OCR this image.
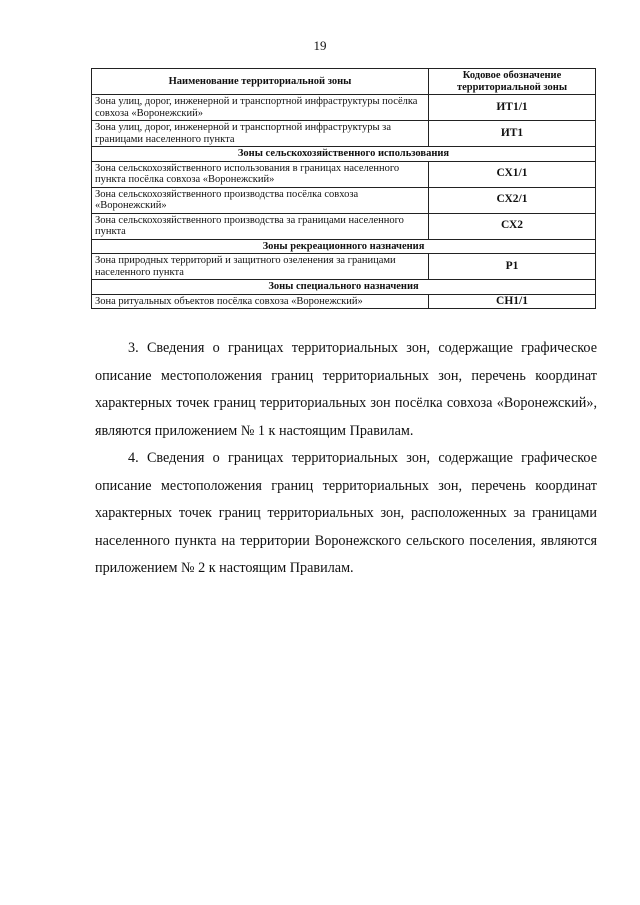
19
Наименование территориальной зоны	Кодовое обозначение территориальной зоны
Зона улиц, дорог, инженерной и транспортной инфраструктуры посёлка совхоза «Воронежский»	ИТ1/1
Зона улиц, дорог, инженерной и транспортной инфраструктуры за границами населенного пункта	ИТ1
Зоны сельскохозяйственного использования	
Зона сельскохозяйственного использования в границах населенного пункта посёлка совхоза «Воронежский»	СХ1/1
Зона сельскохозяйственного производства посёлка совхоза «Воронежский»	СХ2/1
Зона сельскохозяйственного производства за границами населенного пункта	СХ2
Зоны рекреационного назначения	
Зона природных территорий и защитного озеленения за границами населенного пункта	Р1
Зоны специального назначения	
Зона ритуальных объектов посёлка совхоза «Воронежский»	СН1/1

3. Сведения о границах территориальных зон, содержащие графическое описание местоположения границ территориальных зон, перечень координат характерных точек границ территориальных зон посёлка совхоза «Воронежский», являются приложением № 1 к настоящим Правилам.

4. Сведения о границах территориальных зон, содержащие графическое описание местоположения границ территориальных зон, перечень координат характерных точек границ территориальных зон, расположенных за границами населенного пункта на территории Воронежского сельского поселения, являются приложением № 2 к настоящим Правилам.
